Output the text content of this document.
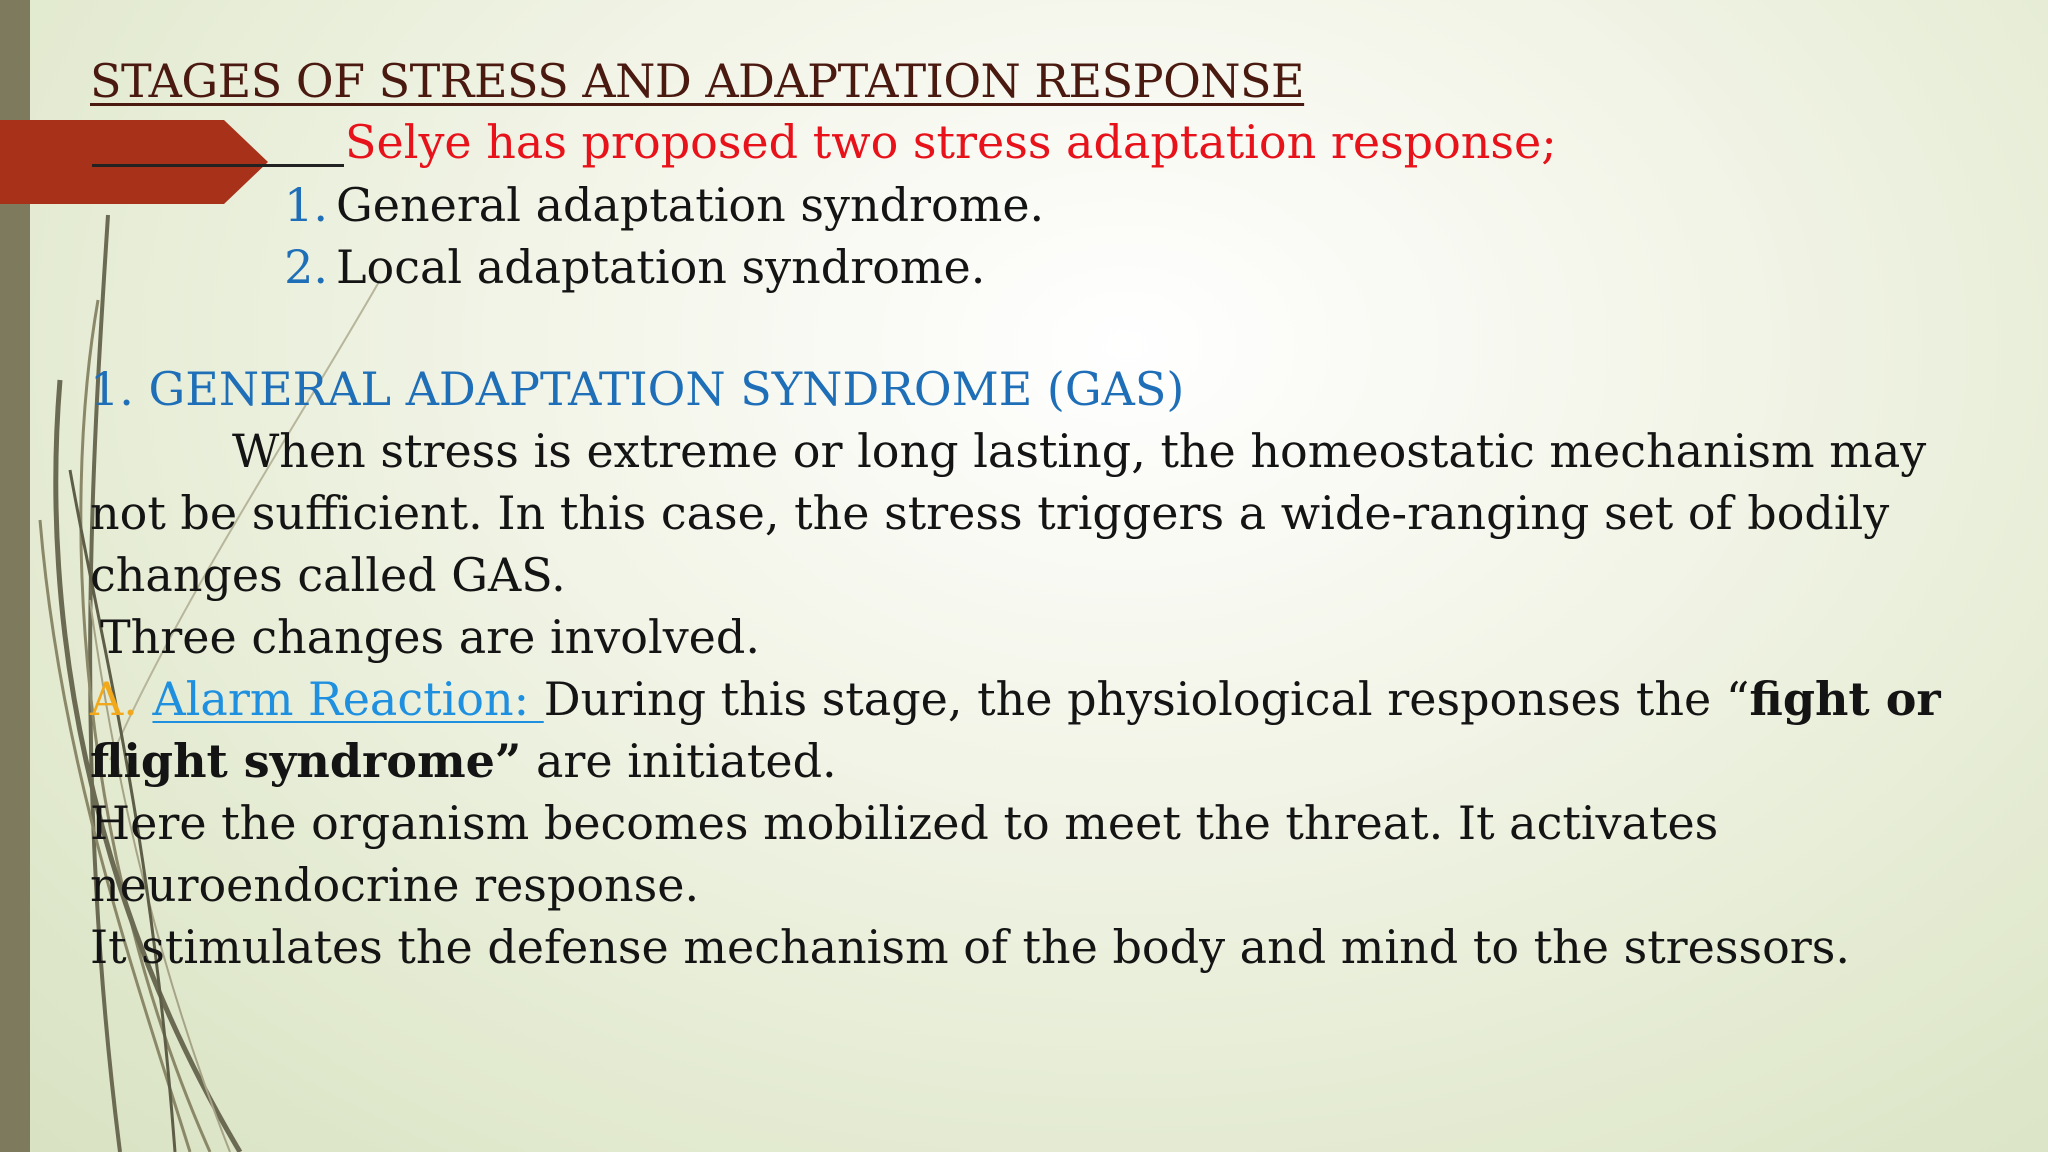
STAGES OF STRESS AND ADAPTATION RESPONSE
Selye has proposed two stress adaptation response;
1. General adaptation syndrome.
2. Local adaptation syndrome.
1. GENERAL ADAPTATION SYNDROME (GAS)
When stress is extreme or long lasting, the homeostatic mechanism may
not be sufficient. In this case, the stress triggers a wide-ranging set of bodily
changes called GAS.
Three changes are involved.
A. Alarm Reaction: During this stage, the physiological responses the “fight or
flight syndrome” are initiated.
Here the organism becomes mobilized to meet the threat. It activates
neuroendocrine response.
It stimulates the defense mechanism of the body and mind to the stressors.
